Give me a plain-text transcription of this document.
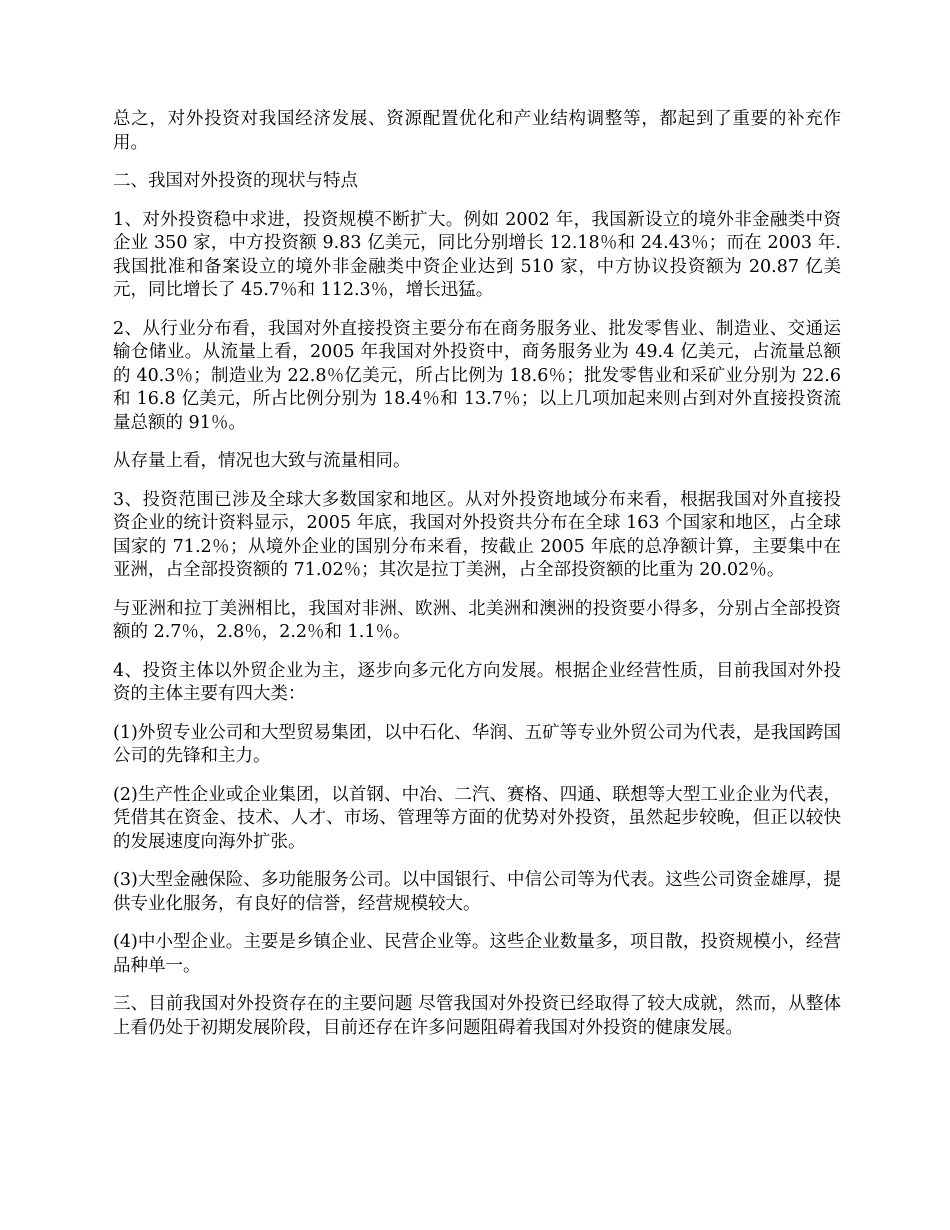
总之，对外投资对我国经济发展、资源配置优化和产业结构调整等，都起到了重要的补充作用。

二、我国对外投资的现状与特点

1、对外投资稳中求进，投资规模不断扩大。例如 2002 年，我国新设立的境外非金融类中资企业 350 家，中方投资额 9.83 亿美元，同比分别增长 12.18％和 24.43％；而在 2003 年.我国批准和备案设立的境外非金融类中资企业达到 510 家，中方协议投资额为 20.87 亿美元，同比增长了 45.7％和 112.3％，增长迅猛。

2、从行业分布看，我国对外直接投资主要分布在商务服务业、批发零售业、制造业、交通运输仓储业。从流量上看，2005 年我国对外投资中，商务服务业为 49.4 亿美元，占流量总额的 40.3％；制造业为 22.8％亿美元，所占比例为 18.6％；批发零售业和采矿业分别为 22.6 和 16.8 亿美元，所占比例分别为 18.4％和 13.7％；以上几项加起来则占到对外直接投资流量总额的 91％。

从存量上看，情况也大致与流量相同。

3、投资范围已涉及全球大多数国家和地区。从对外投资地域分布来看，根据我国对外直接投资企业的统计资料显示，2005 年底，我国对外投资共分布在全球 163 个国家和地区，占全球国家的 71.2％；从境外企业的国别分布来看，按截止 2005 年底的总净额计算，主要集中在亚洲，占全部投资额的 71.02％；其次是拉丁美洲，占全部投资额的比重为 20.02％。

与亚洲和拉丁美洲相比，我国对非洲、欧洲、北美洲和澳洲的投资要小得多，分别占全部投资额的 2.7％，2.8％，2.2％和 1.1％。

4、投资主体以外贸企业为主，逐步向多元化方向发展。根据企业经营性质，目前我国对外投资的主体主要有四大类：

(1)外贸专业公司和大型贸易集团，以中石化、华润、五矿等专业外贸公司为代表，是我国跨国公司的先锋和主力。

(2)生产性企业或企业集团，以首钢、中冶、二汽、赛格、四通、联想等大型工业企业为代表，凭借其在资金、技术、人才、市场、管理等方面的优势对外投资，虽然起步较晚，但正以较快的发展速度向海外扩张。

(3)大型金融保险、多功能服务公司。以中国银行、中信公司等为代表。这些公司资金雄厚，提供专业化服务，有良好的信誉，经营规模较大。

(4)中小型企业。主要是乡镇企业、民营企业等。这些企业数量多，项目散，投资规模小，经营品种单一。

三、目前我国对外投资存在的主要问题 尽管我国对外投资已经取得了较大成就，然而，从整体上看仍处于初期发展阶段，目前还存在许多问题阻碍着我国对外投资的健康发展。
